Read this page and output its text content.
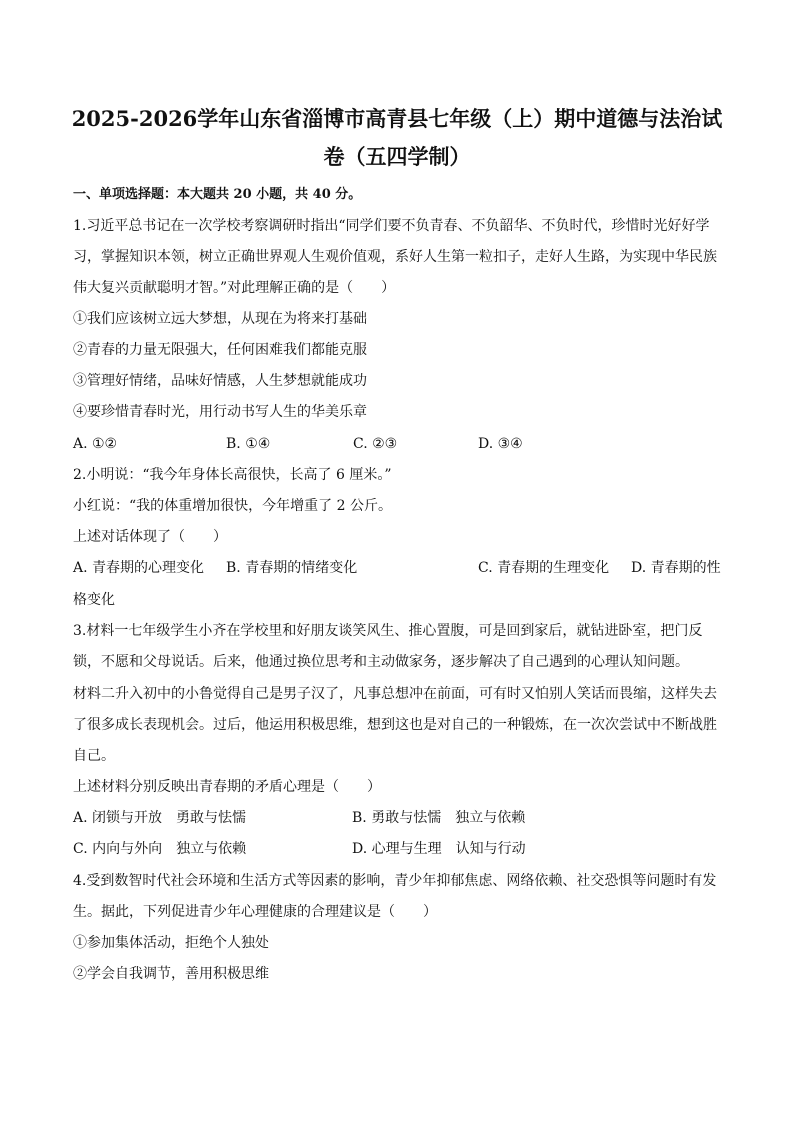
2025-2026学年山东省淄博市高青县七年级（上）期中道德与法治试
卷（五四学制）
一、单项选择题：本大题共 20 小题，共 40 分。
1.习近平总书记在一次学校考察调研时指出“同学们要不负青春、不负韶华、不负时代，珍惜时光好好学
习，掌握知识本领，树立正确世界观人生观价值观，系好人生第一粒扣子，走好人生路，为实现中华民族
伟大复兴贡献聪明才智。”对此理解正确的是（　　）
①我们应该树立远大梦想，从现在为将来打基础
②青春的力量无限强大，任何困难我们都能克服
③管理好情绪，品味好情感，人生梦想就能成功
④要珍惜青春时光，用行动书写人生的华美乐章
A. ①②	B. ①④	C. ②③	D. ③④
2.小明说：“我今年身体长高很快，长高了 6 厘米。”
小红说：“我的体重增加很快，今年增重了 2 公斤。
上述对话体现了（　　）
A. 青春期的心理变化 B. 青春期的情绪变化	C. 青春期的生理变化 D. 青春期的性
格变化
3.材料一七年级学生小齐在学校里和好朋友谈笑风生、推心置腹，可是回到家后，就钻进卧室，把门反
锁，不愿和父母说话。后来，他通过换位思考和主动做家务，逐步解决了自己遇到的心理认知问题。
材料二升入初中的小鲁觉得自己是男子汉了，凡事总想冲在前面，可有时又怕别人笑话而畏缩，这样失去
了很多成长表现机会。过后，他运用积极思维，想到这也是对自己的一种锻炼，在一次次尝试中不断战胜
自己。
上述材料分别反映出青春期的矛盾心理是（　　）
A. 闭锁与开放　勇敢与怯懦	B. 勇敢与怯懦　独立与依赖
C. 内向与外向　独立与依赖	D. 心理与生理　认知与行动
4.受到数智时代社会环境和生活方式等因素的影响，青少年抑郁焦虑、网络依赖、社交恐惧等问题时有发
生。据此，下列促进青少年心理健康的合理建议是（　　）
①参加集体活动，拒绝个人独处
②学会自我调节，善用积极思维
